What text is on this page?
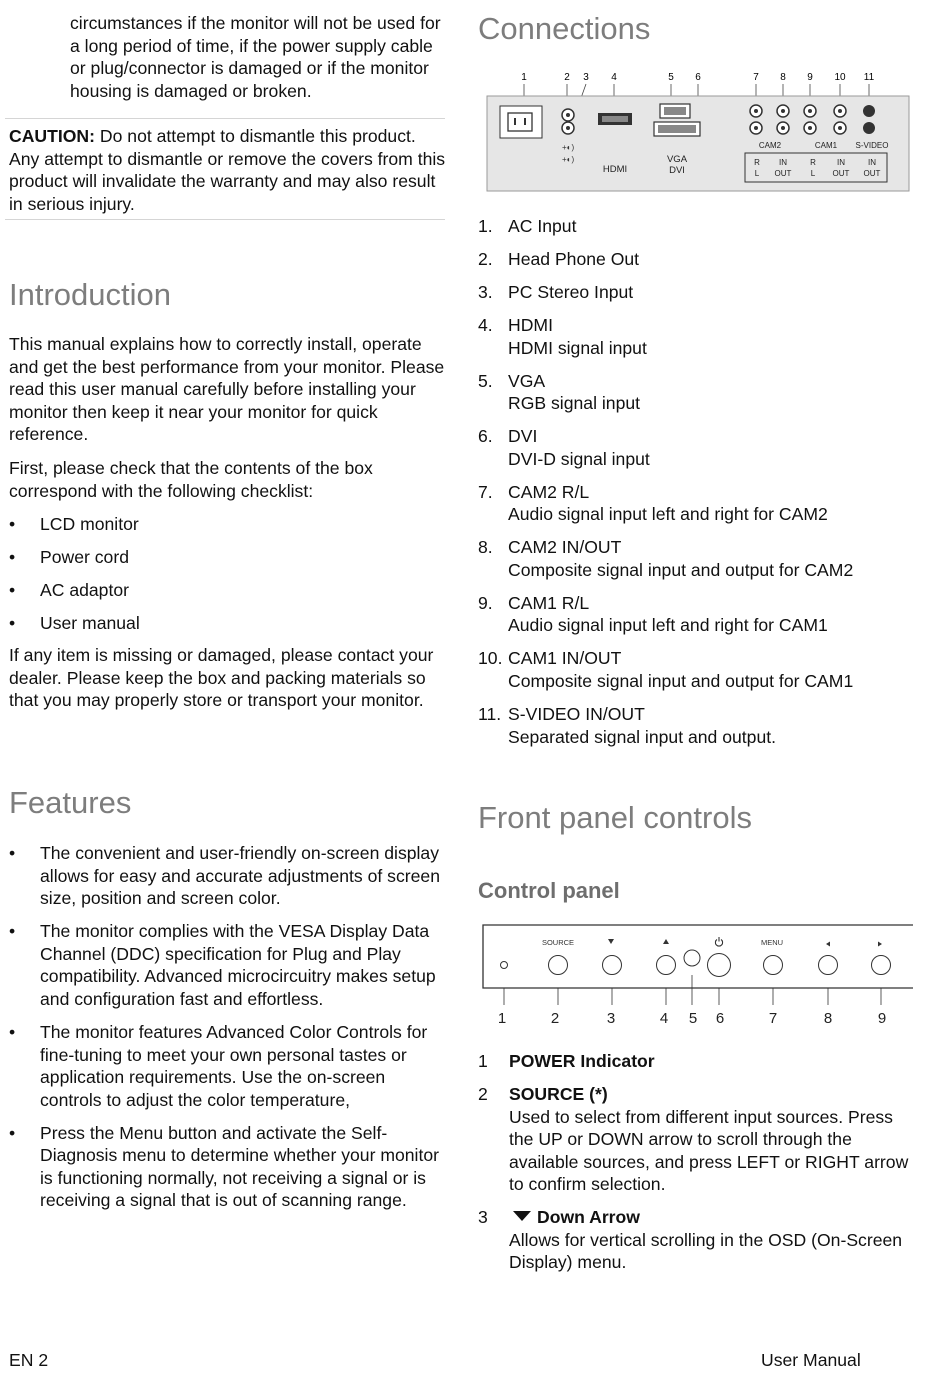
circumstances if the monitor will not be used for a long period of time, if the power supply cable or plug/connector is damaged or if the monitor housing is damaged or broken.

CAUTION: Do not attempt to dismantle this product. Any attempt to dismantle or remove the covers from this product will invalidate the warranty and may also result in serious injury.

Introduction

This manual explains how to correctly install, operate and get the best performance from your monitor. Please read this user manual carefully before installing your monitor then keep it near your monitor for quick reference.

First, please check that the contents of the box correspond with the following checklist:

• LCD monitor
• Power cord
• AC adaptor
• User manual

If any item is missing or damaged, please contact your dealer. Please keep the box and packing materials so that you may properly store or transport your monitor.

Features
• The convenient and user-friendly on-screen display allows for easy and accurate adjustments of screen size, position and screen color.
• The monitor complies with the VESA Display Data Channel (DDC) specification for Plug and Play compatibility. Advanced microcircuitry makes setup and configuration fast and effortless.
• The monitor features Advanced Color Controls for fine-tuning to meet your own personal tastes or application requirements. Use the on-screen controls to adjust the color temperature,
• Press the Menu button and activate the Self-Diagnosis menu to determine whether your monitor is functioning normally, not receiving a signal or is receiving a signal that is out of scanning range.
Connections
1	2 3 4	5 6	7 8 9 10 11
+◐)
+◐)
HDMI
VGA
DVI
CAM2	CAM1 S-VIDEO
R
L
IN
OUT
R
L
IN
OUT
IN
OUT
1. AC Input
2. Head Phone Out
3. PC Stereo Input
4. HDMI
HDMI signal input
5. VGA
RGB signal input
6. DVI
DVI-D signal input
7. CAM2 R/L
Audio signal input left and right for CAM2
8. CAM2 IN/OUT
Composite signal input and output for CAM2
9. CAM1 R/L
Audio signal input left and right for CAM1
10. CAM1 IN/OUT
Composite signal input and output for CAM1
11. S-VIDEO IN/OUT
Separated signal input and output.
Front panel controls
Control panel
SOURCE	MENU
1	2	3	4 5 6	7	8	9
1 POWER Indicator
2 SOURCE (*)
Used to select from different input sources. Press the UP or DOWN arrow to scroll through the available sources, and press LEFT or RIGHT arrow to confirm selection.
3	Down Arrow
Allows for vertical scrolling in the OSD (On-Screen Display) menu.
EN 2	User Manual
